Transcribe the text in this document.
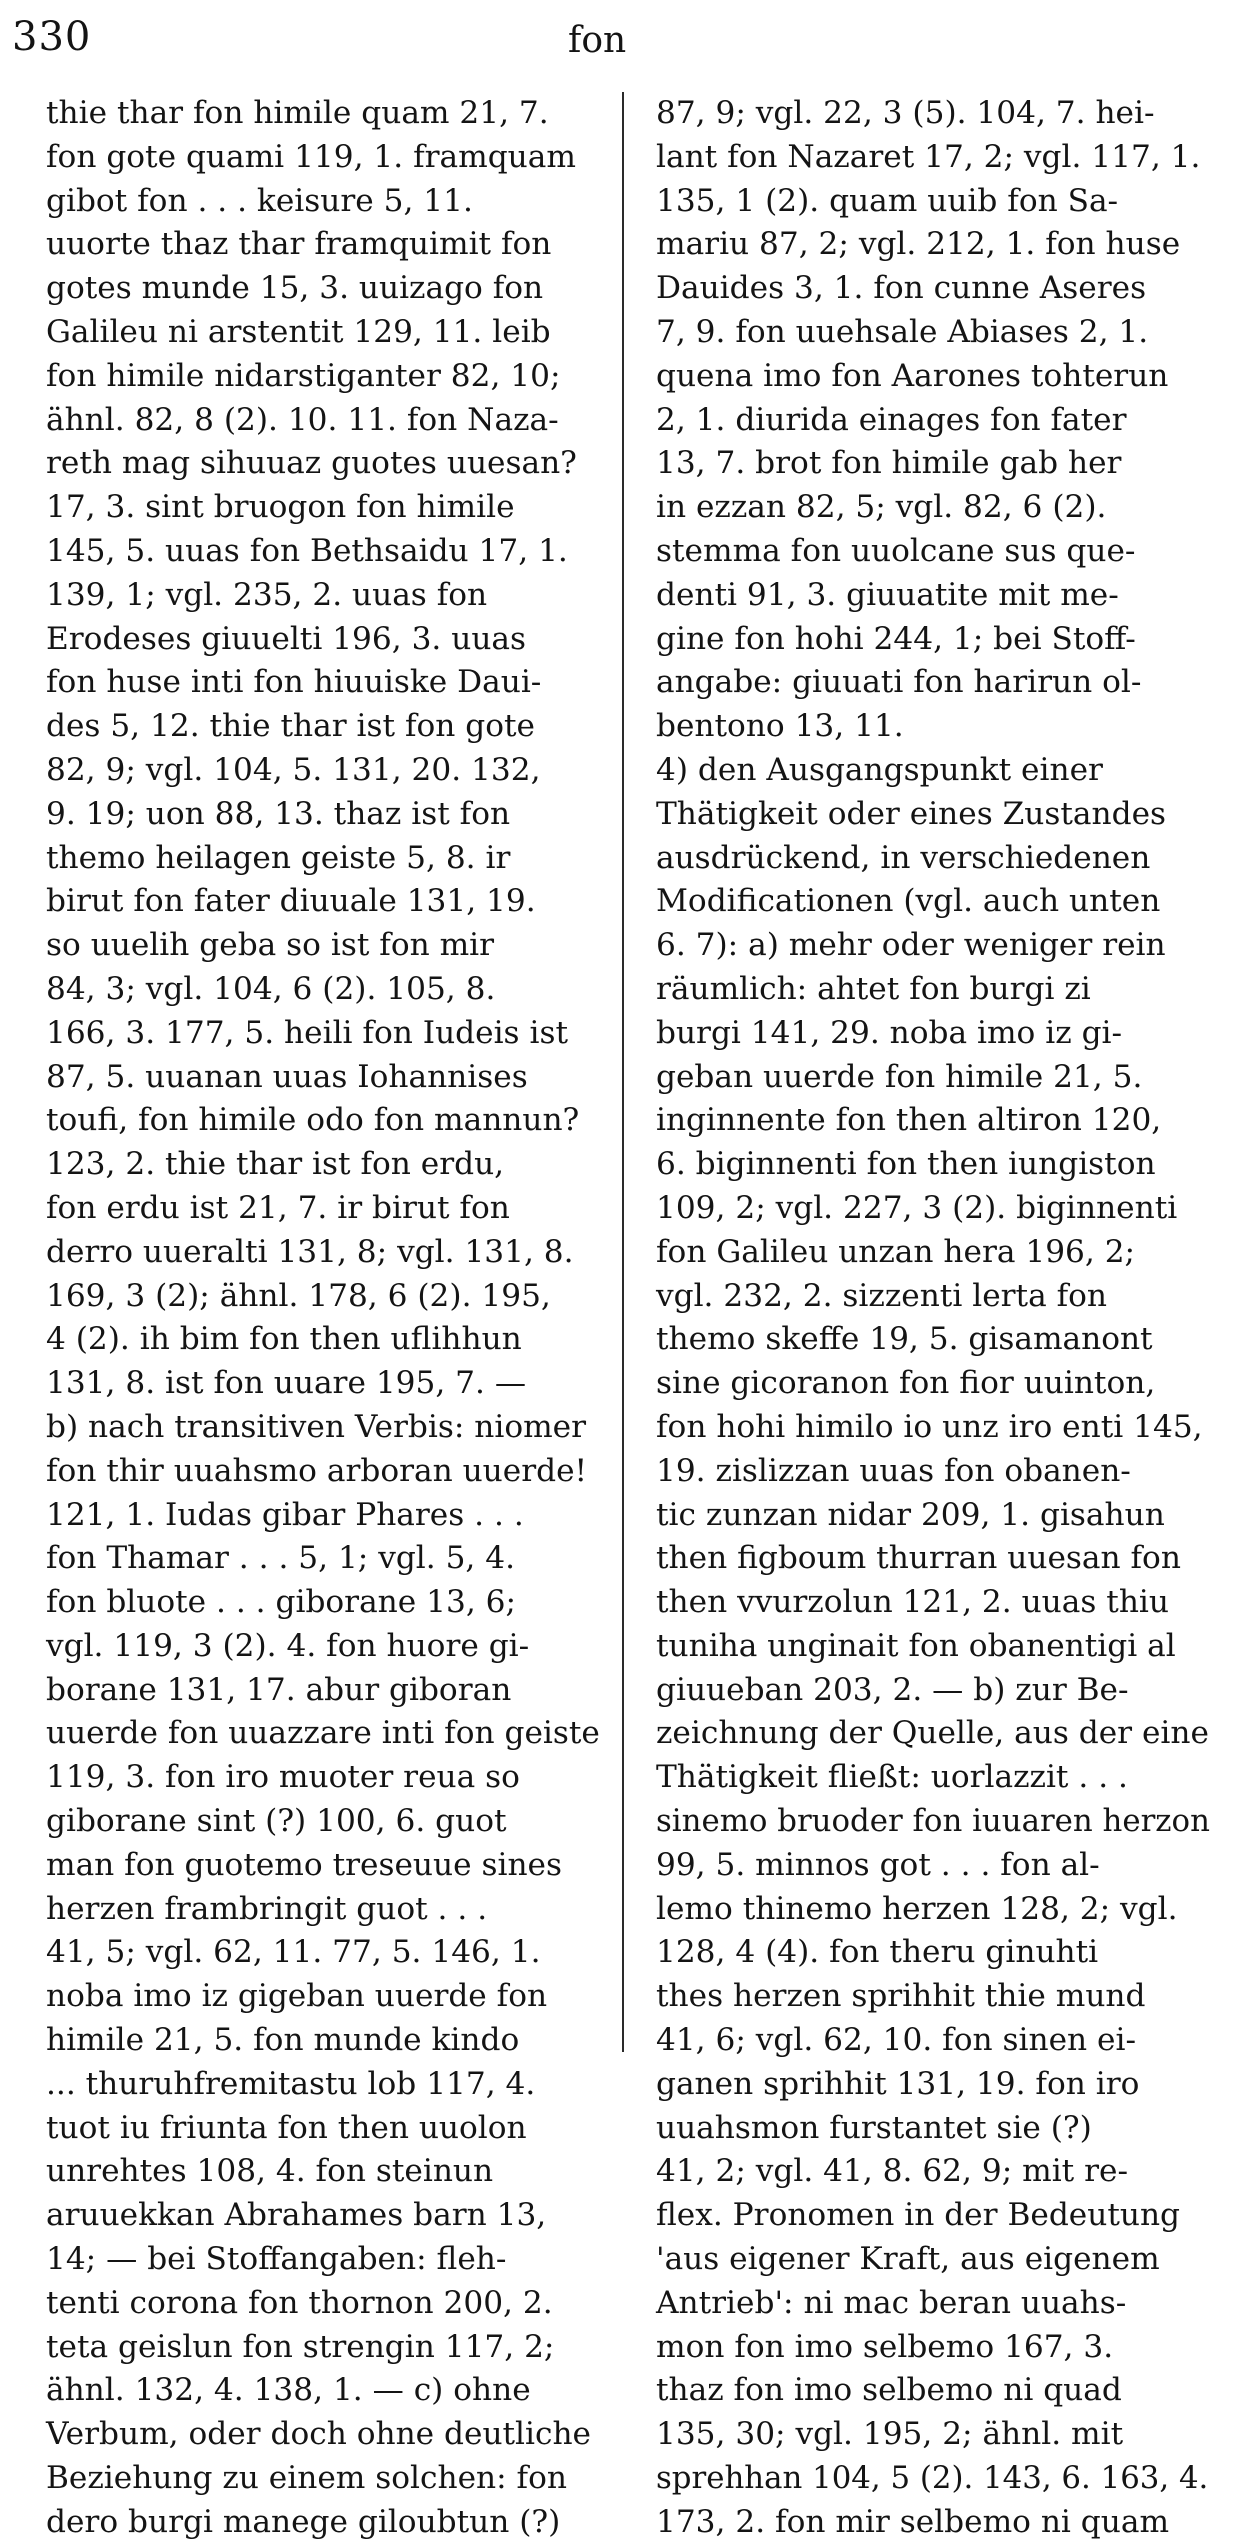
330	fon
thie thar fon himile quam 21, 7.
fon gote quami 119, 1. framquam
gibot fon . . . keisure 5, 11.
uuorte thaz thar framquimit fon
gotes munde 15, 3. uuizago fon
Galileu ni arstentit 129, 11. leib
fon himile nidarstiganter 82, 10;
ähnl. 82, 8 (2). 10. 11. fon Naza-
reth mag sihuuaz guotes uuesan?
17, 3. sint bruogon fon himile
145, 5. uuas fon Bethsaidu 17, 1.
139, 1; vgl. 235, 2. uuas fon
Erodeses giuuelti 196, 3. uuas
fon huse inti fon hiuuiske Daui-
des 5, 12. thie thar ist fon gote
82, 9; vgl. 104, 5. 131, 20. 132,
9. 19; uon 88, 13. thaz ist fon
themo heilagen geiste 5, 8. ir
birut fon fater diuuale 131, 19.
so uuelih geba so ist fon mir
84, 3; vgl. 104, 6 (2). 105, 8.
166, 3. 177, 5. heili fon Iudeis ist
87, 5. uuanan uuas Iohannises
toufi, fon himile odo fon mannun?
123, 2. thie thar ist fon erdu,
fon erdu ist 21, 7. ir birut fon
derro uueralti 131, 8; vgl. 131, 8.
169, 3 (2); ähnl. 178, 6 (2). 195,
4 (2). ih bim fon then uflihhun
131, 8. ist fon uuare 195, 7. —
b) nach transitiven Verbis: niomer
fon thir uuahsmo arboran uuerde!
121, 1. Iudas gibar Phares . . .
fon Thamar . . . 5, 1; vgl. 5, 4.
fon bluote . . . giborane 13, 6;
vgl. 119, 3 (2). 4. fon huore gi-
borane 131, 17. abur giboran
uuerde fon uuazzare inti fon geiste
119, 3. fon iro muoter reua so
giborane sint (?) 100, 6. guot
man fon guotemo treseuue sines
herzen frambringit guot . . .
41, 5; vgl. 62, 11. 77, 5. 146, 1.
noba imo iz gigeban uuerde fon
himile 21, 5. fon munde kindo
... thuruhfremitastu lob 117, 4.
tuot iu friunta fon then uuolon
unrehtes 108, 4. fon steinun
aruuekkan Abrahames barn 13,
14; — bei Stoffangaben: fleh-
tenti corona fon thornon 200, 2.
teta geislun fon strengin 117, 2;
ähnl. 132, 4. 138, 1. — c) ohne
Verbum, oder doch ohne deutliche
Beziehung zu einem solchen: fon
dero burgi manege giloubtun (?)
87, 9; vgl. 22, 3 (5). 104, 7. hei-
lant fon Nazaret 17, 2; vgl. 117, 1.
135, 1 (2). quam uuib fon Sa-
mariu 87, 2; vgl. 212, 1. fon huse
Dauides 3, 1. fon cunne Aseres
7, 9. fon uuehsale Abiases 2, 1.
quena imo fon Aarones tohterun
2, 1. diurida einages fon fater
13, 7. brot fon himile gab her
in ezzan 82, 5; vgl. 82, 6 (2).
stemma fon uuolcane sus que-
denti 91, 3. giuuatite mit me-
gine fon hohi 244, 1; bei Stoff-
angabe: giuuati fon harirun ol-
bentono 13, 11.
4) den Ausgangspunkt einer
Thätigkeit oder eines Zustandes
ausdrückend, in verschiedenen
Modificationen (vgl. auch unten
6. 7): a) mehr oder weniger rein
räumlich: ahtet fon burgi zi
burgi 141, 29. noba imo iz gi-
geban uuerde fon himile 21, 5.
inginnente fon then altiron 120,
6. biginnenti fon then iungiston
109, 2; vgl. 227, 3 (2). biginnenti
fon Galileu unzan hera 196, 2;
vgl. 232, 2. sizzenti lerta fon
themo skeffe 19, 5. gisamanont
sine gicoranon fon fior uuinton,
fon hohi himilo io unz iro enti 145,
19. zislizzan uuas fon obanen-
tic zunzan nidar 209, 1. gisahun
then figboum thurran uuesan fon
then vvurzolun 121, 2. uuas thiu
tuniha unginait fon obanentigi al
giuueban 203, 2. — b) zur Be-
zeichnung der Quelle, aus der eine
Thätigkeit fließt: uorlazzit . . .
sinemo bruoder fon iuuaren herzon
99, 5. minnos got . . . fon al-
lemo thinemo herzen 128, 2; vgl.
128, 4 (4). fon theru ginuhti
thes herzen sprihhit thie mund
41, 6; vgl. 62, 10. fon sinen ei-
ganen sprihhit 131, 19. fon iro
uuahsmon furstantet sie (?)
41, 2; vgl. 41, 8. 62, 9; mit re-
flex. Pronomen in der Bedeutung
'aus eigener Kraft, aus eigenem
Antrieb': ni mac beran uuahs-
mon fon imo selbemo 167, 3.
thaz fon imo selbemo ni quad
135, 30; vgl. 195, 2; ähnl. mit
sprehhan 104, 5 (2). 143, 6. 163, 4.
173, 2. fon mir selbemo ni quam
